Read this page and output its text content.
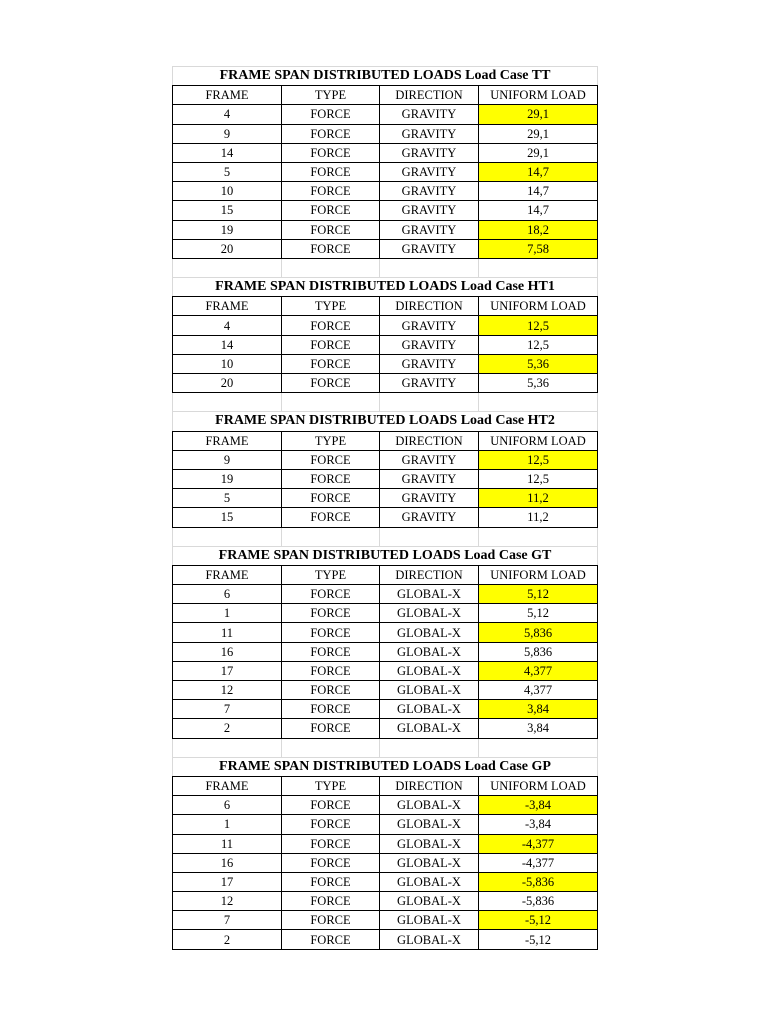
FRAME SPAN DISTRIBUTED LOADS Load Case TT			
FRAME	TYPE	DIRECTION	UNIFORM LOAD
4	FORCE	GRAVITY	29,1
9	FORCE	GRAVITY	29,1
14	FORCE	GRAVITY	29,1
5	FORCE	GRAVITY	14,7
10	FORCE	GRAVITY	14,7
15	FORCE	GRAVITY	14,7
19	FORCE	GRAVITY	18,2
20	FORCE	GRAVITY	7,58

FRAME SPAN DISTRIBUTED LOADS Load Case HT1			
FRAME	TYPE	DIRECTION	UNIFORM LOAD
4	FORCE	GRAVITY	12,5
14	FORCE	GRAVITY	12,5
10	FORCE	GRAVITY	5,36
20	FORCE	GRAVITY	5,36

FRAME SPAN DISTRIBUTED LOADS Load Case HT2			
FRAME	TYPE	DIRECTION	UNIFORM LOAD
9	FORCE	GRAVITY	12,5
19	FORCE	GRAVITY	12,5
5	FORCE	GRAVITY	11,2
15	FORCE	GRAVITY	11,2

FRAME SPAN DISTRIBUTED LOADS Load Case GT			
FRAME	TYPE	DIRECTION	UNIFORM LOAD
6	FORCE	GLOBAL-X	5,12
1	FORCE	GLOBAL-X	5,12
11	FORCE	GLOBAL-X	5,836
16	FORCE	GLOBAL-X	5,836
17	FORCE	GLOBAL-X	4,377
12	FORCE	GLOBAL-X	4,377
7	FORCE	GLOBAL-X	3,84
2	FORCE	GLOBAL-X	3,84

FRAME SPAN DISTRIBUTED LOADS Load Case GP			
FRAME	TYPE	DIRECTION	UNIFORM LOAD
6	FORCE	GLOBAL-X	-3,84
1	FORCE	GLOBAL-X	-3,84
11	FORCE	GLOBAL-X	-4,377
16	FORCE	GLOBAL-X	-4,377
17	FORCE	GLOBAL-X	-5,836
12	FORCE	GLOBAL-X	-5,836
7	FORCE	GLOBAL-X	-5,12
2	FORCE	GLOBAL-X	-5,12
